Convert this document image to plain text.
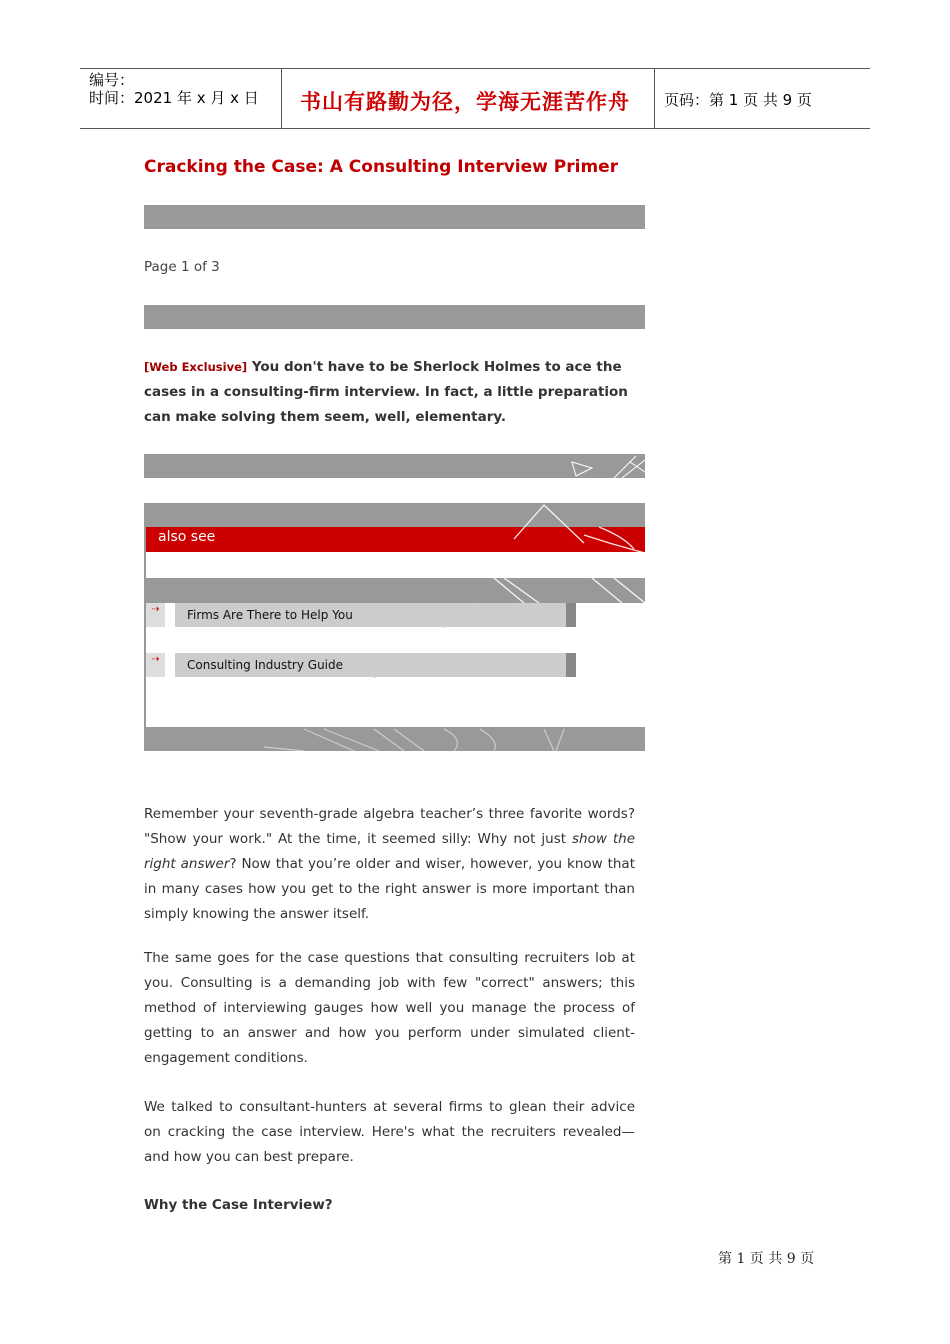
编号：
时间：2021 年 x 月 x 日 书山有路勤为径，学海无涯苦作舟 页码：第 1 页 共 9 页
Cracking the Case: A Consulting Interview Primer
Page 1 of 3
[Web Exclusive] You don't have to be Sherlock Holmes to ace the cases in a consulting-firm interview. In fact, a little preparation can make solving them seem, well, elementary.
also see
⇢	Firms Are There to Help You
⇢	Consulting Industry Guide
Remember your seventh-grade algebra teacher’s three favorite words? "Show your work." At the time, it seemed silly: Why not just show the right answer? Now that you’re older and wiser, however, you know that in many cases how you get to the right answer is more important than simply knowing the answer itself.
The same goes for the case questions that consulting recruiters lob at you. Consulting is a demanding job with few "correct" answers; this method of interviewing gauges how well you manage the process of getting to an answer and how you perform under simulated client-engagement conditions.
We talked to consultant-hunters at several firms to glean their advice on cracking the case interview. Here's what the recruiters revealed—and how you can best prepare.
Why the Case Interview?
第 1 页 共 9 页
